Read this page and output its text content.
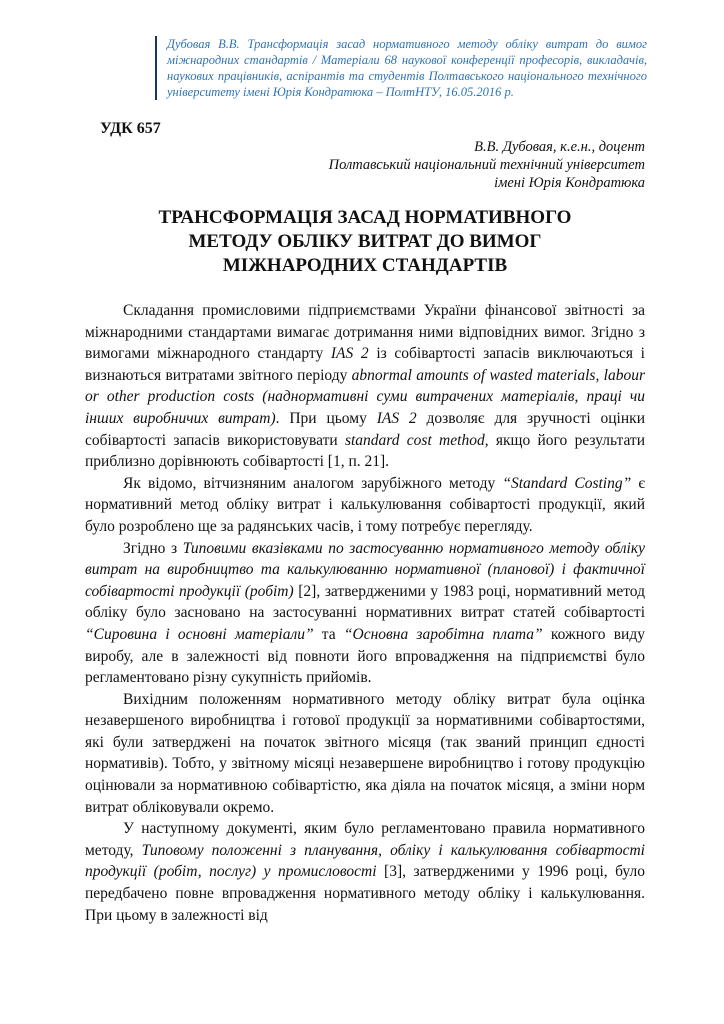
Дубовая В.В. Трансформація засад нормативного методу обліку витрат до вимог міжнародних стандартів / Матеріали 68 наукової конференції професорів, викладачів, наукових працівників, аспірантів та студентів Полтавського національного технічного університету імені Юрія Кондратюка – ПолтНТУ, 16.05.2016 р.
УДК 657
В.В. Дубовая, к.е.н., доцент
Полтавський національний технічний університет
імені Юрія Кондратюка
ТРАНСФОРМАЦІЯ ЗАСАД НОРМАТИВНОГО
МЕТОДУ ОБЛІКУ ВИТРАТ ДО ВИМОГ
МІЖНАРОДНИХ СТАНДАРТІВ

Складання промисловими підприємствами України фінансової звітності за міжнародними стандартами вимагає дотримання ними відповідних вимог. Згідно з вимогами міжнародного стандарту IAS 2 із собівартості запасів виключаються і визнаються витратами звітного періоду abnormal amounts of wasted materials, labour or other production costs (наднормативні суми витрачених матеріалів, праці чи інших виробничих витрат). При цьому IAS 2 дозволяє для зручності оцінки собівартості запасів використовувати standard cost method, якщо його результати приблизно дорівнюють собівартості [1, п. 21].

Як відомо, вітчизняним аналогом зарубіжного методу “Standard Costing” є нормативний метод обліку витрат і калькулювання собівартості продукції, який було розроблено ще за радянських часів, і тому потребує перегляду.

Згідно з Типовими вказівками по застосуванню нормативного методу обліку витрат на виробництво та калькулюванню нормативної (планової) і фактичної собівартості продукції (робіт) [2], затвердженими у 1983 році, нормативний метод обліку було засновано на застосуванні нормативних витрат статей собівартості “Сировина і основні матеріали” та “Основна заробітна плата” кожного виду виробу, але в залежності від повноти його впровадження на підприємстві було регламентовано різну сукупність прийомів.

Вихідним положенням нормативного методу обліку витрат була оцінка незавершеного виробництва і готової продукції за нормативними собівартостями, які були затверджені на початок звітного місяця (так званий принцип єдності нормативів). Тобто, у звітному місяці незавершене виробництво і готову продукцію оцінювали за нормативною собівартістю, яка діяла на початок місяця, а зміни норм витрат обліковували окремо.

У наступному документі, яким було регламентовано правила нормативного методу, Типовому положенні з планування, обліку і калькулювання собівартості продукції (робіт, послуг) у промисловості [3], затвердженими у 1996 році, було передбачено повне впровадження нормативного методу обліку і калькулювання. При цьому в залежності від
